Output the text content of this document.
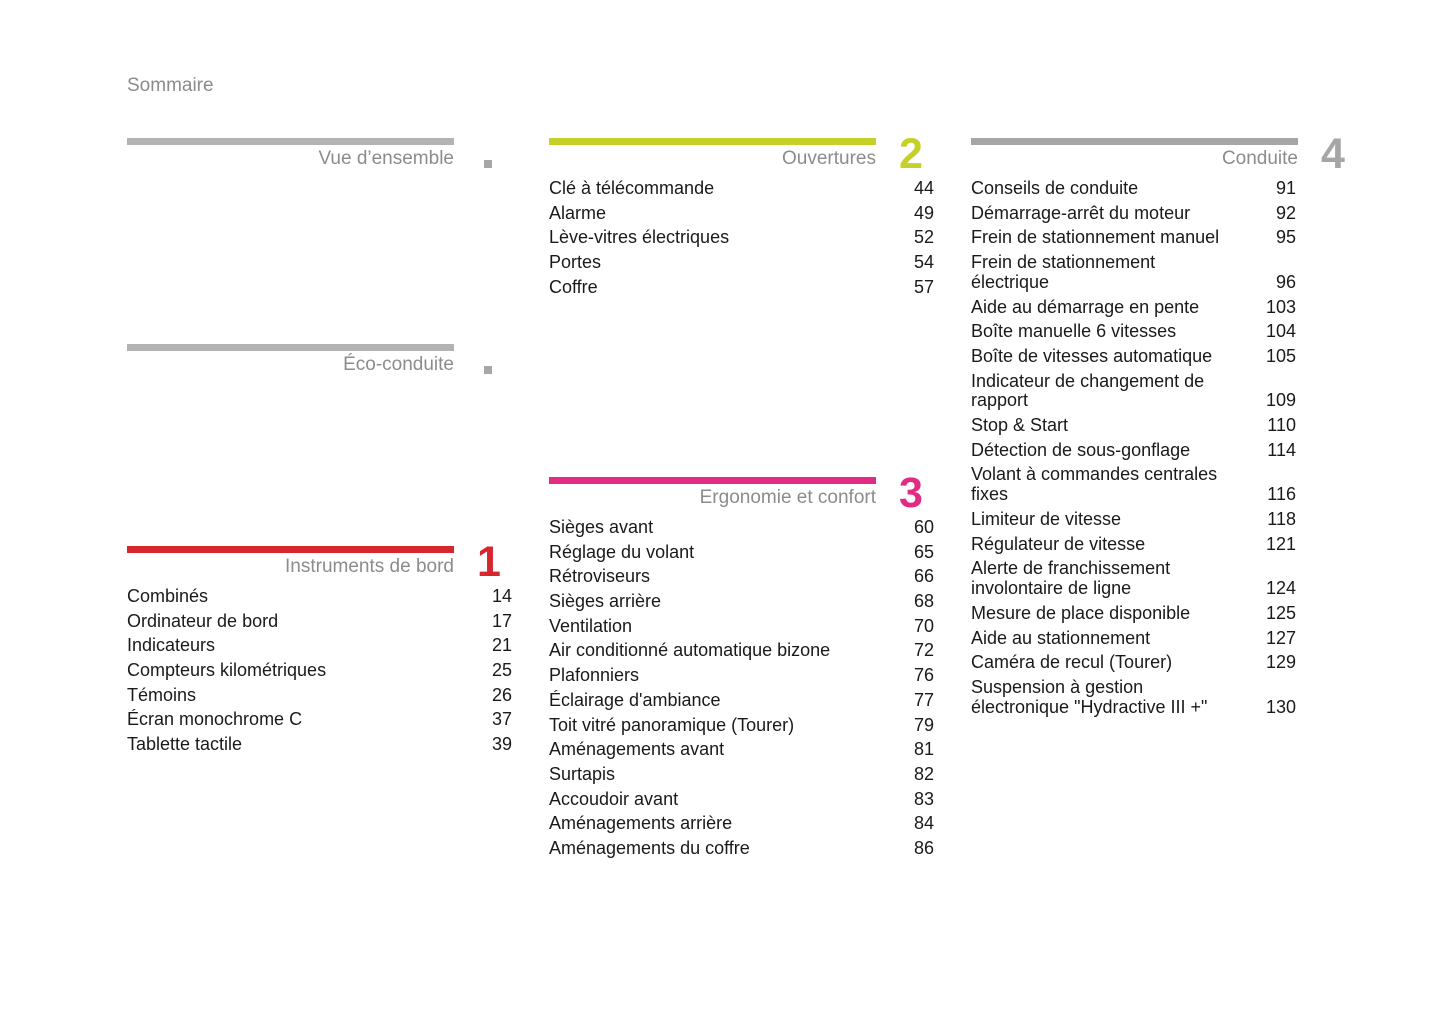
Sommaire
Vue d’ensemble
Éco-conduite
Instruments de bord 1
Combinés	14
Ordinateur de bord	17
Indicateurs	21
Compteurs kilométriques	25
Témoins	26
Écran monochrome C	37
Tablette tactile	39
Ouvertures 2
Clé à télécommande	44
Alarme	49
Lève-vitres électriques	52
Portes	54
Coffre	57
Ergonomie et confort 3
Sièges avant	60
Réglage du volant	65
Rétroviseurs	66
Sièges arrière	68
Ventilation	70
Air conditionné automatique bizone	72
Plafonniers	76
Éclairage d'ambiance	77
Toit vitré panoramique (Tourer)	79
Aménagements avant	81
Surtapis	82
Accoudoir avant	83
Aménagements arrière	84
Aménagements du coffre	86
Conduite 4
Conseils de conduite	91
Démarrage-arrêt du moteur	92
Frein de stationnement manuel	95
Frein de stationnement électrique	96
Aide au démarrage en pente	103
Boîte manuelle 6 vitesses	104
Boîte de vitesses automatique	105
Indicateur de changement de rapport	109
Stop & Start	110
Détection de sous-gonflage	114
Volant à commandes centrales fixes	116
Limiteur de vitesse	118
Régulateur de vitesse	121
Alerte de franchissement involontaire de ligne	124
Mesure de place disponible	125
Aide au stationnement	127
Caméra de recul (Tourer)	129
Suspension à gestion électronique "Hydractive III +"	130
